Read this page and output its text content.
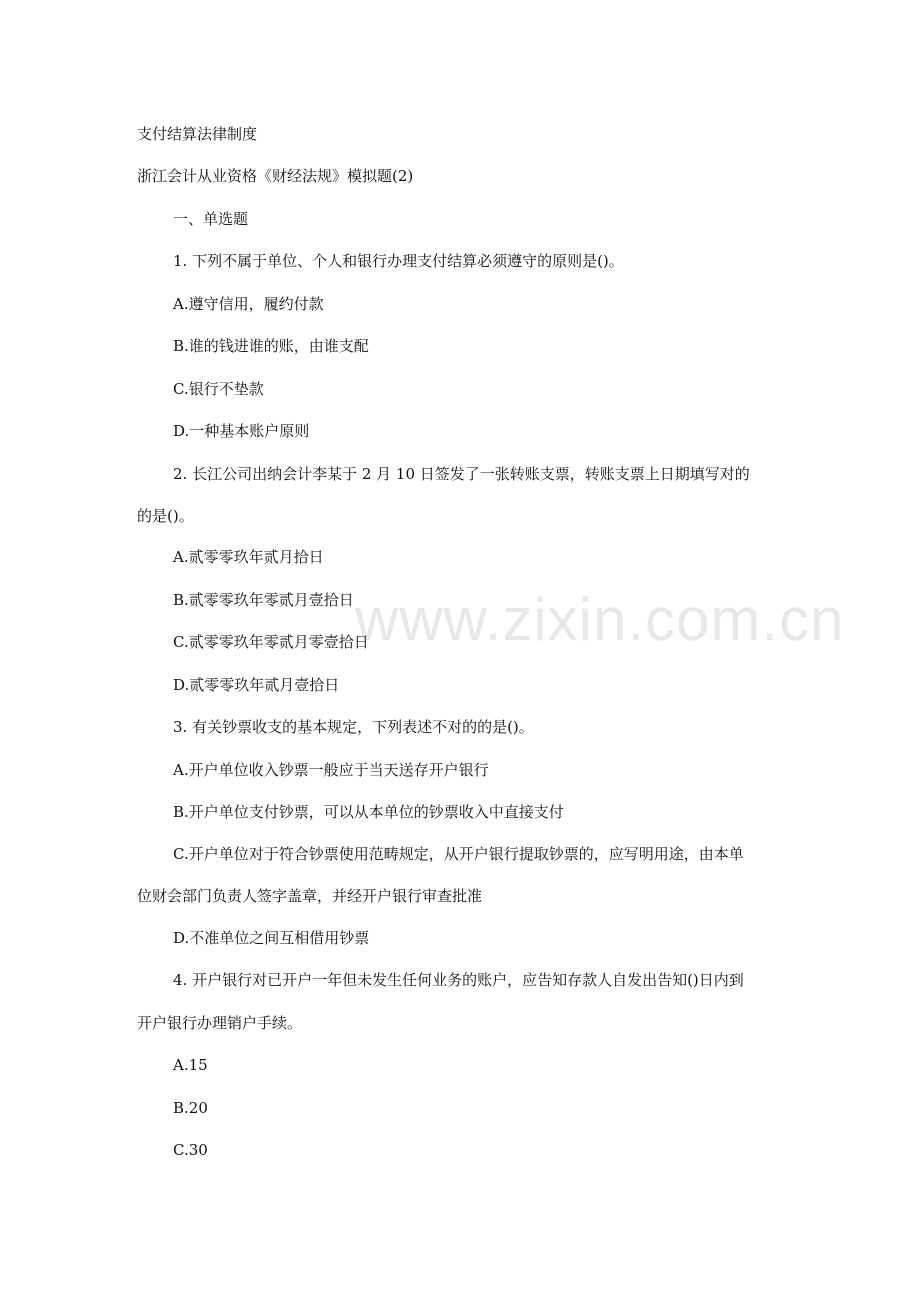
支付结算法律制度
浙江会计从业资格《财经法规》模拟题(2)
一、单选题
1. 下列不属于单位、个人和银行办理支付结算必须遵守的原则是()。
A.遵守信用，履约付款
B.谁的钱进谁的账，由谁支配
C.银行不垫款
D.一种基本账户原则
2. 长江公司出纳会计李某于 2 月 10 日签发了一张转账支票，转账支票上日期填写对的
的是()。
A.贰零零玖年贰月拾日
B.贰零零玖年零贰月壹拾日
C.贰零零玖年零贰月零壹拾日
D.贰零零玖年贰月壹拾日
3. 有关钞票收支的基本规定，下列表述不对的的是()。
A.开户单位收入钞票一般应于当天送存开户银行
B.开户单位支付钞票，可以从本单位的钞票收入中直接支付
C.开户单位对于符合钞票使用范畴规定，从开户银行提取钞票的，应写明用途，由本单
位财会部门负责人签字盖章，并经开户银行审查批准
D.不准单位之间互相借用钞票
4. 开户银行对已开户一年但未发生任何业务的账户，应告知存款人自发出告知()日内到
开户银行办理销户手续。
A.15
B.20
C.30
www.zixin.com.cn
